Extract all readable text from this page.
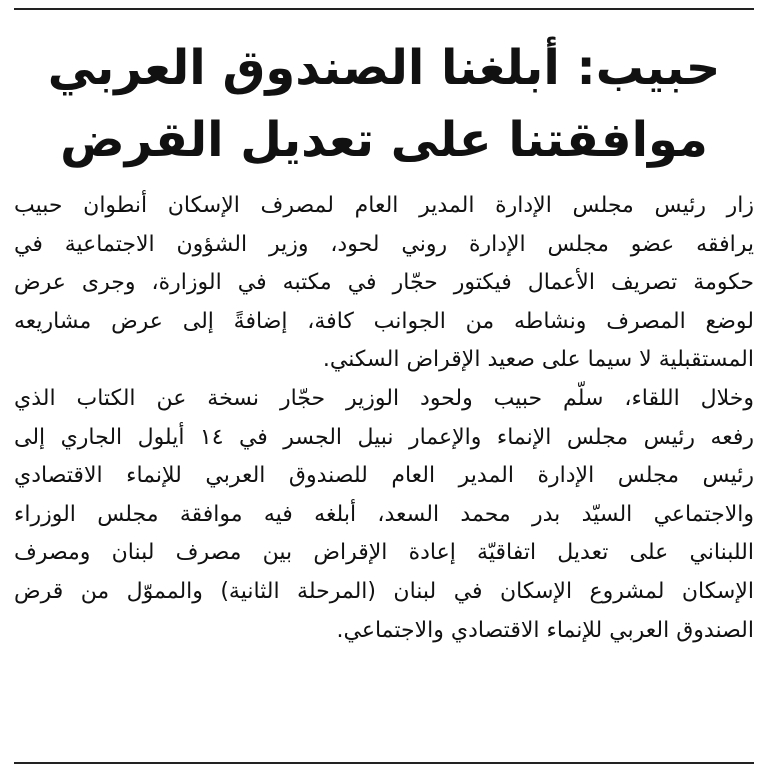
حبيب: أبلغنا الصندوق العربي
موافقتنا على تعديل القرض

زار رئيس مجلس الإدارة المدير العام لمصرف الإسكان أنطوان حبيب
يرافقه عضو مجلس الإدارة روني لحود، وزير الشؤون الاجتماعية في
حكومة تصريف الأعمال فيكتور حجّار في مكتبه في الوزارة، وجرى عرض
لوضع المصرف ونشاطه من الجوانب كافة، إضافةً إلى عرض مشاريعه
المستقبلية لا سيما على صعيد الإقراض السكني.

وخلال اللقاء، سلّم حبيب ولحود الوزير حجّار نسخة عن الكتاب الذي
رفعه رئيس مجلس الإنماء والإعمار نبيل الجسر في ١٤ أيلول الجاري إلى
رئيس مجلس الإدارة المدير العام للصندوق العربي للإنماء الاقتصادي
والاجتماعي السيّد بدر محمد السعد، أبلغه فيه موافقة مجلس الوزراء
اللبناني على تعديل اتفاقيّة إعادة الإقراض بين مصرف لبنان ومصرف
الإسكان لمشروع الإسكان في لبنان (المرحلة الثانية) والمموّل من قرض
الصندوق العربي للإنماء الاقتصادي والاجتماعي.
